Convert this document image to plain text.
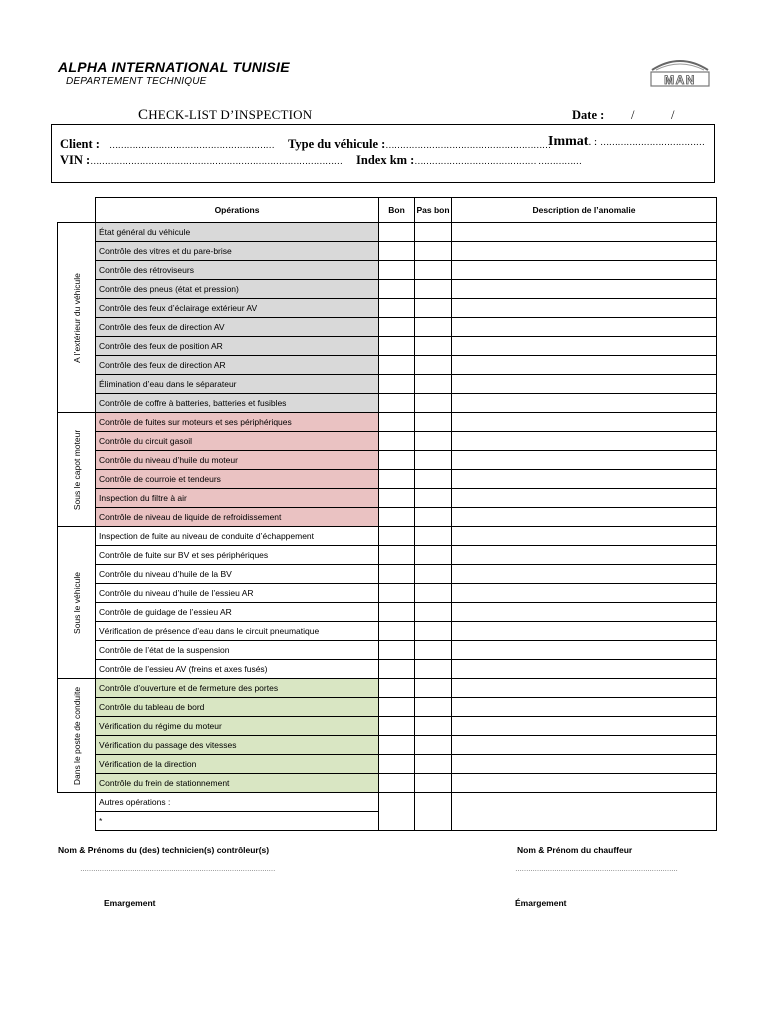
ALPHA INTERNATIONAL TUNISIE
DEPARTEMENT TECHNIQUE	MAN
CHECK-LIST D’INSPECTION	Date : /	/
Client : ………………………………………………… Type du véhicule :…………………………………………………
Immat. : ………………………………
VIN :…………………………………………………………………………… Index km :…………………………………… ……………
	Opérations	Bon	Pas bon	Description de l’anomalie

A l’extérieur du véhicule	État général du véhicule			
	Contrôle des vitres et du pare-brise			
	Contrôle des rétroviseurs			
	Contrôle des pneus (état et pression)			
	Contrôle des feux d’éclairage extérieur AV			
	Contrôle des feux de direction AV			
	Contrôle des feux de position AR			
	Contrôle des feux de direction AR			
	Élimination d’eau dans le séparateur			
	Contrôle de coffre à batteries, batteries et fusibles			

Sous le capot moteur	Contrôle de fuites sur moteurs et ses périphériques			
	Contrôle du circuit gasoil			
	Contrôle du niveau d’huile du moteur			
	Contrôle de courroie et tendeurs			
	Inspection du filtre à air			
	Contrôle de niveau de liquide de refroidissement			

Sous le véhicule	Inspection de fuite au niveau de conduite d’échappement			
	Contrôle de fuite sur BV et ses périphériques			
	Contrôle du niveau d’huile de la BV			
	Contrôle du niveau d’huile de l’essieu AR			
	Contrôle de guidage de l’essieu AR			
	Vérification de présence d’eau dans le circuit pneumatique			
	Contrôle de l’état de la suspension			
	Contrôle de l’essieu AV (freins et axes fusés)			

Dans le poste de conduite	Contrôle d’ouverture et de fermeture des portes			
	Contrôle du tableau de bord			
	Vérification du régime du moteur			
	Vérification du passage des vitesses			
	Vérification de la direction			
	Contrôle du frein de stationnement			
	Autres opérations :			
	*			
Nom & Prénoms du (des) technicien(s) contrôleur(s)	Nom & Prénom du chauffeur
………………………………………………………………………………	…………………………………………………………………
Emargement	Émargement
